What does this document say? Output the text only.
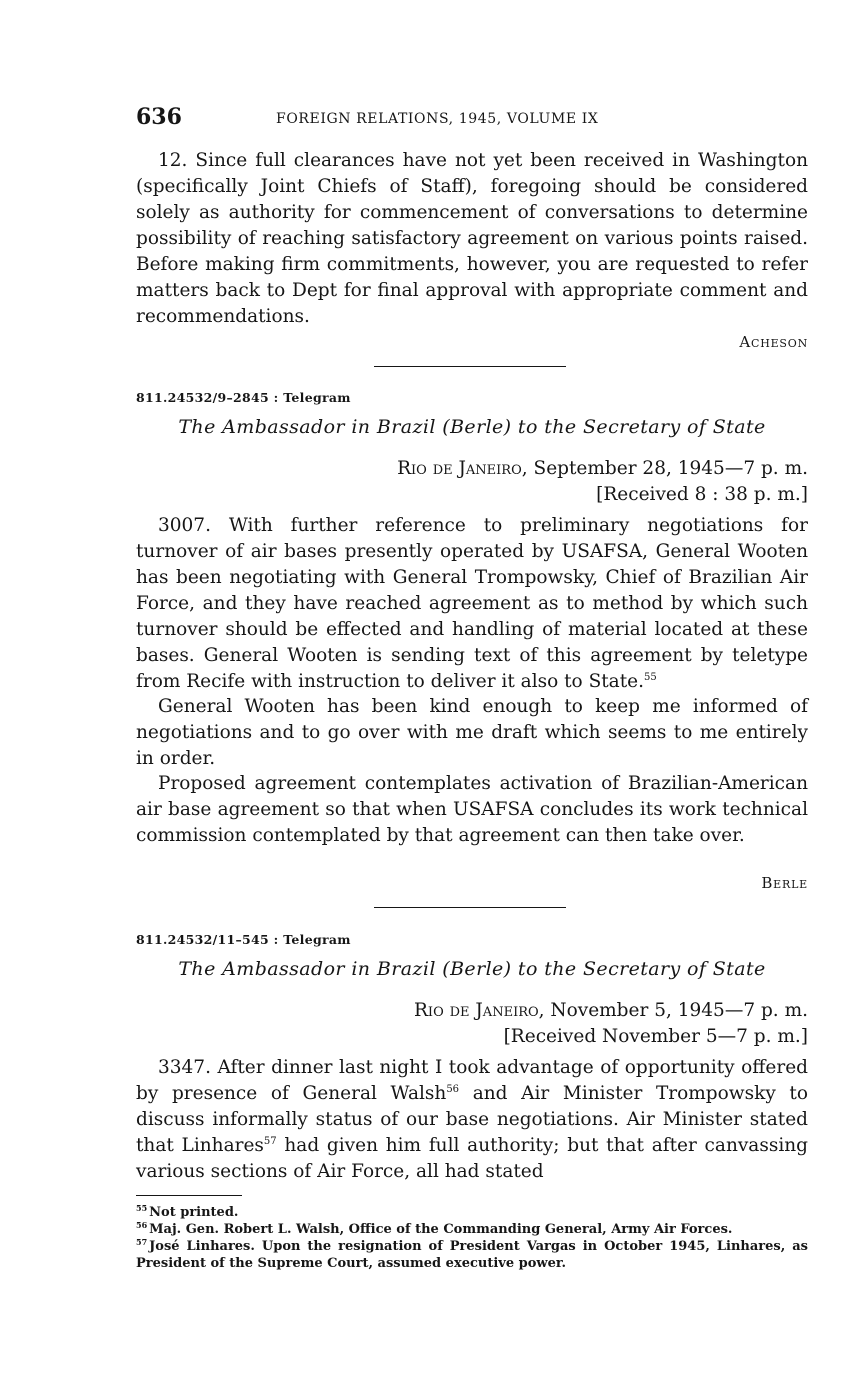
636	FOREIGN RELATIONS, 1945, VOLUME IX

12. Since full clearances have not yet been received in Washington (specifically Joint Chiefs of Staff), foregoing should be considered solely as authority for commencement of conversations to determine possibility of reaching satisfactory agreement on various points raised. Before making firm commitments, however, you are requested to refer matters back to Dept for final approval with appropriate comment and recommendations.

Acheson
811.24532/9–2845 : Telegram
The Ambassador in Brazil (Berle) to the Secretary of State
Rio de Janeiro, September 28, 1945—7 p. m.
[Received 8 : 38 p. m.]

3007. With further reference to preliminary negotiations for turnover of air bases presently operated by USAFSA, General Wooten has been negotiating with General Trompowsky, Chief of Brazilian Air Force, and they have reached agreement as to method by which such turnover should be effected and handling of material located at these bases. General Wooten is sending text of this agreement by teletype from Recife with instruction to deliver it also to State.$^{55}$

General Wooten has been kind enough to keep me informed of negotiations and to go over with me draft which seems to me entirely in order.

Proposed agreement contemplates activation of Brazilian-American air base agreement so that when USAFSA concludes its work technical commission contemplated by that agreement can then take over.

Berle
811.24532/11–545 : Telegram
The Ambassador in Brazil (Berle) to the Secretary of State
Rio de Janeiro, November 5, 1945—7 p. m.
[Received November 5—7 p. m.]

3347. After dinner last night I took advantage of opportunity offered by presence of General Walsh$^{56}$ and Air Minister Trompowsky to discuss informally status of our base negotiations. Air Minister stated that Linhares$^{57}$ had given him full authority; but that after canvassing various sections of Air Force, all had stated

$^{55}$ Not printed.

$^{56}$ Maj. Gen. Robert L. Walsh, Office of the Commanding General, Army Air Forces.

$^{57}$ José Linhares. Upon the resignation of President Vargas in October 1945, Linhares, as President of the Supreme Court, assumed executive power.
